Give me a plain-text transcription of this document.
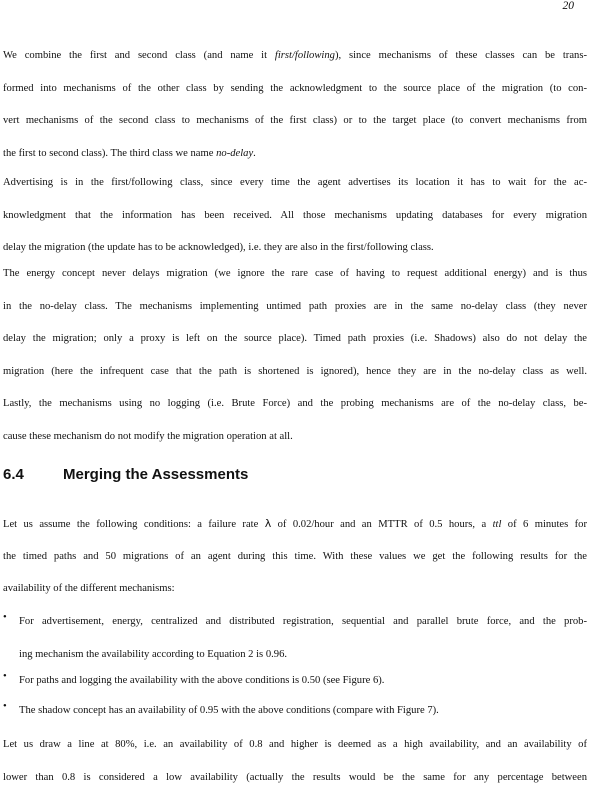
20
We combine the first and second class (and name it first/following), since mechanisms of these classes can be trans-
formed into mechanisms of the other class by sending the acknowledgment to the source place of the migration (to con-
vert mechanisms of the second class to mechanisms of the first class) or to the target place (to convert mechanisms from
the first to second class). The third class we name no-delay.
Advertising is in the first/following class, since every time the agent advertises its location it has to wait for the ac-
knowledgment that the information has been received. All those mechanisms updating databases for every migration
delay the migration (the update has to be acknowledged), i.e. they are also in the first/following class.
The energy concept never delays migration (we ignore the rare case of having to request additional energy) and is thus
in the no-delay class. The mechanisms implementing untimed path proxies are in the same no-delay class (they never
delay the migration; only a proxy is left on the source place). Timed path proxies (i.e. Shadows) also do not delay the
migration (here the infrequent case that the path is shortened is ignored), hence they are in the no-delay class as well.
Lastly, the mechanisms using no logging (i.e. Brute Force) and the probing mechanisms are of the no-delay class, be-
cause these mechanism do not modify the migration operation at all.
6.4	Merging the Assessments
Let us assume the following conditions: a failure rate λ of 0.02/hour and an MTTR of 0.5 hours, a ttl of 6 minutes for
the timed paths and 50 migrations of an agent during this time. With these values we get the following results for the
availability of the different mechanisms:
•	For advertisement, energy, centralized and distributed registration, sequential and parallel brute force, and the prob-
ing mechanism the availability according to Equation 2 is 0.96.
•	For paths and logging the availability with the above conditions is 0.50 (see Figure 6).
•	The shadow concept has an availability of 0.95 with the above conditions (compare with Figure 7).
Let us draw a line at 80%, i.e. an availability of 0.8 and higher is deemed as a high availability, and an availability of
lower than 0.8 is considered a low availability (actually the results would be the same for any percentage between
